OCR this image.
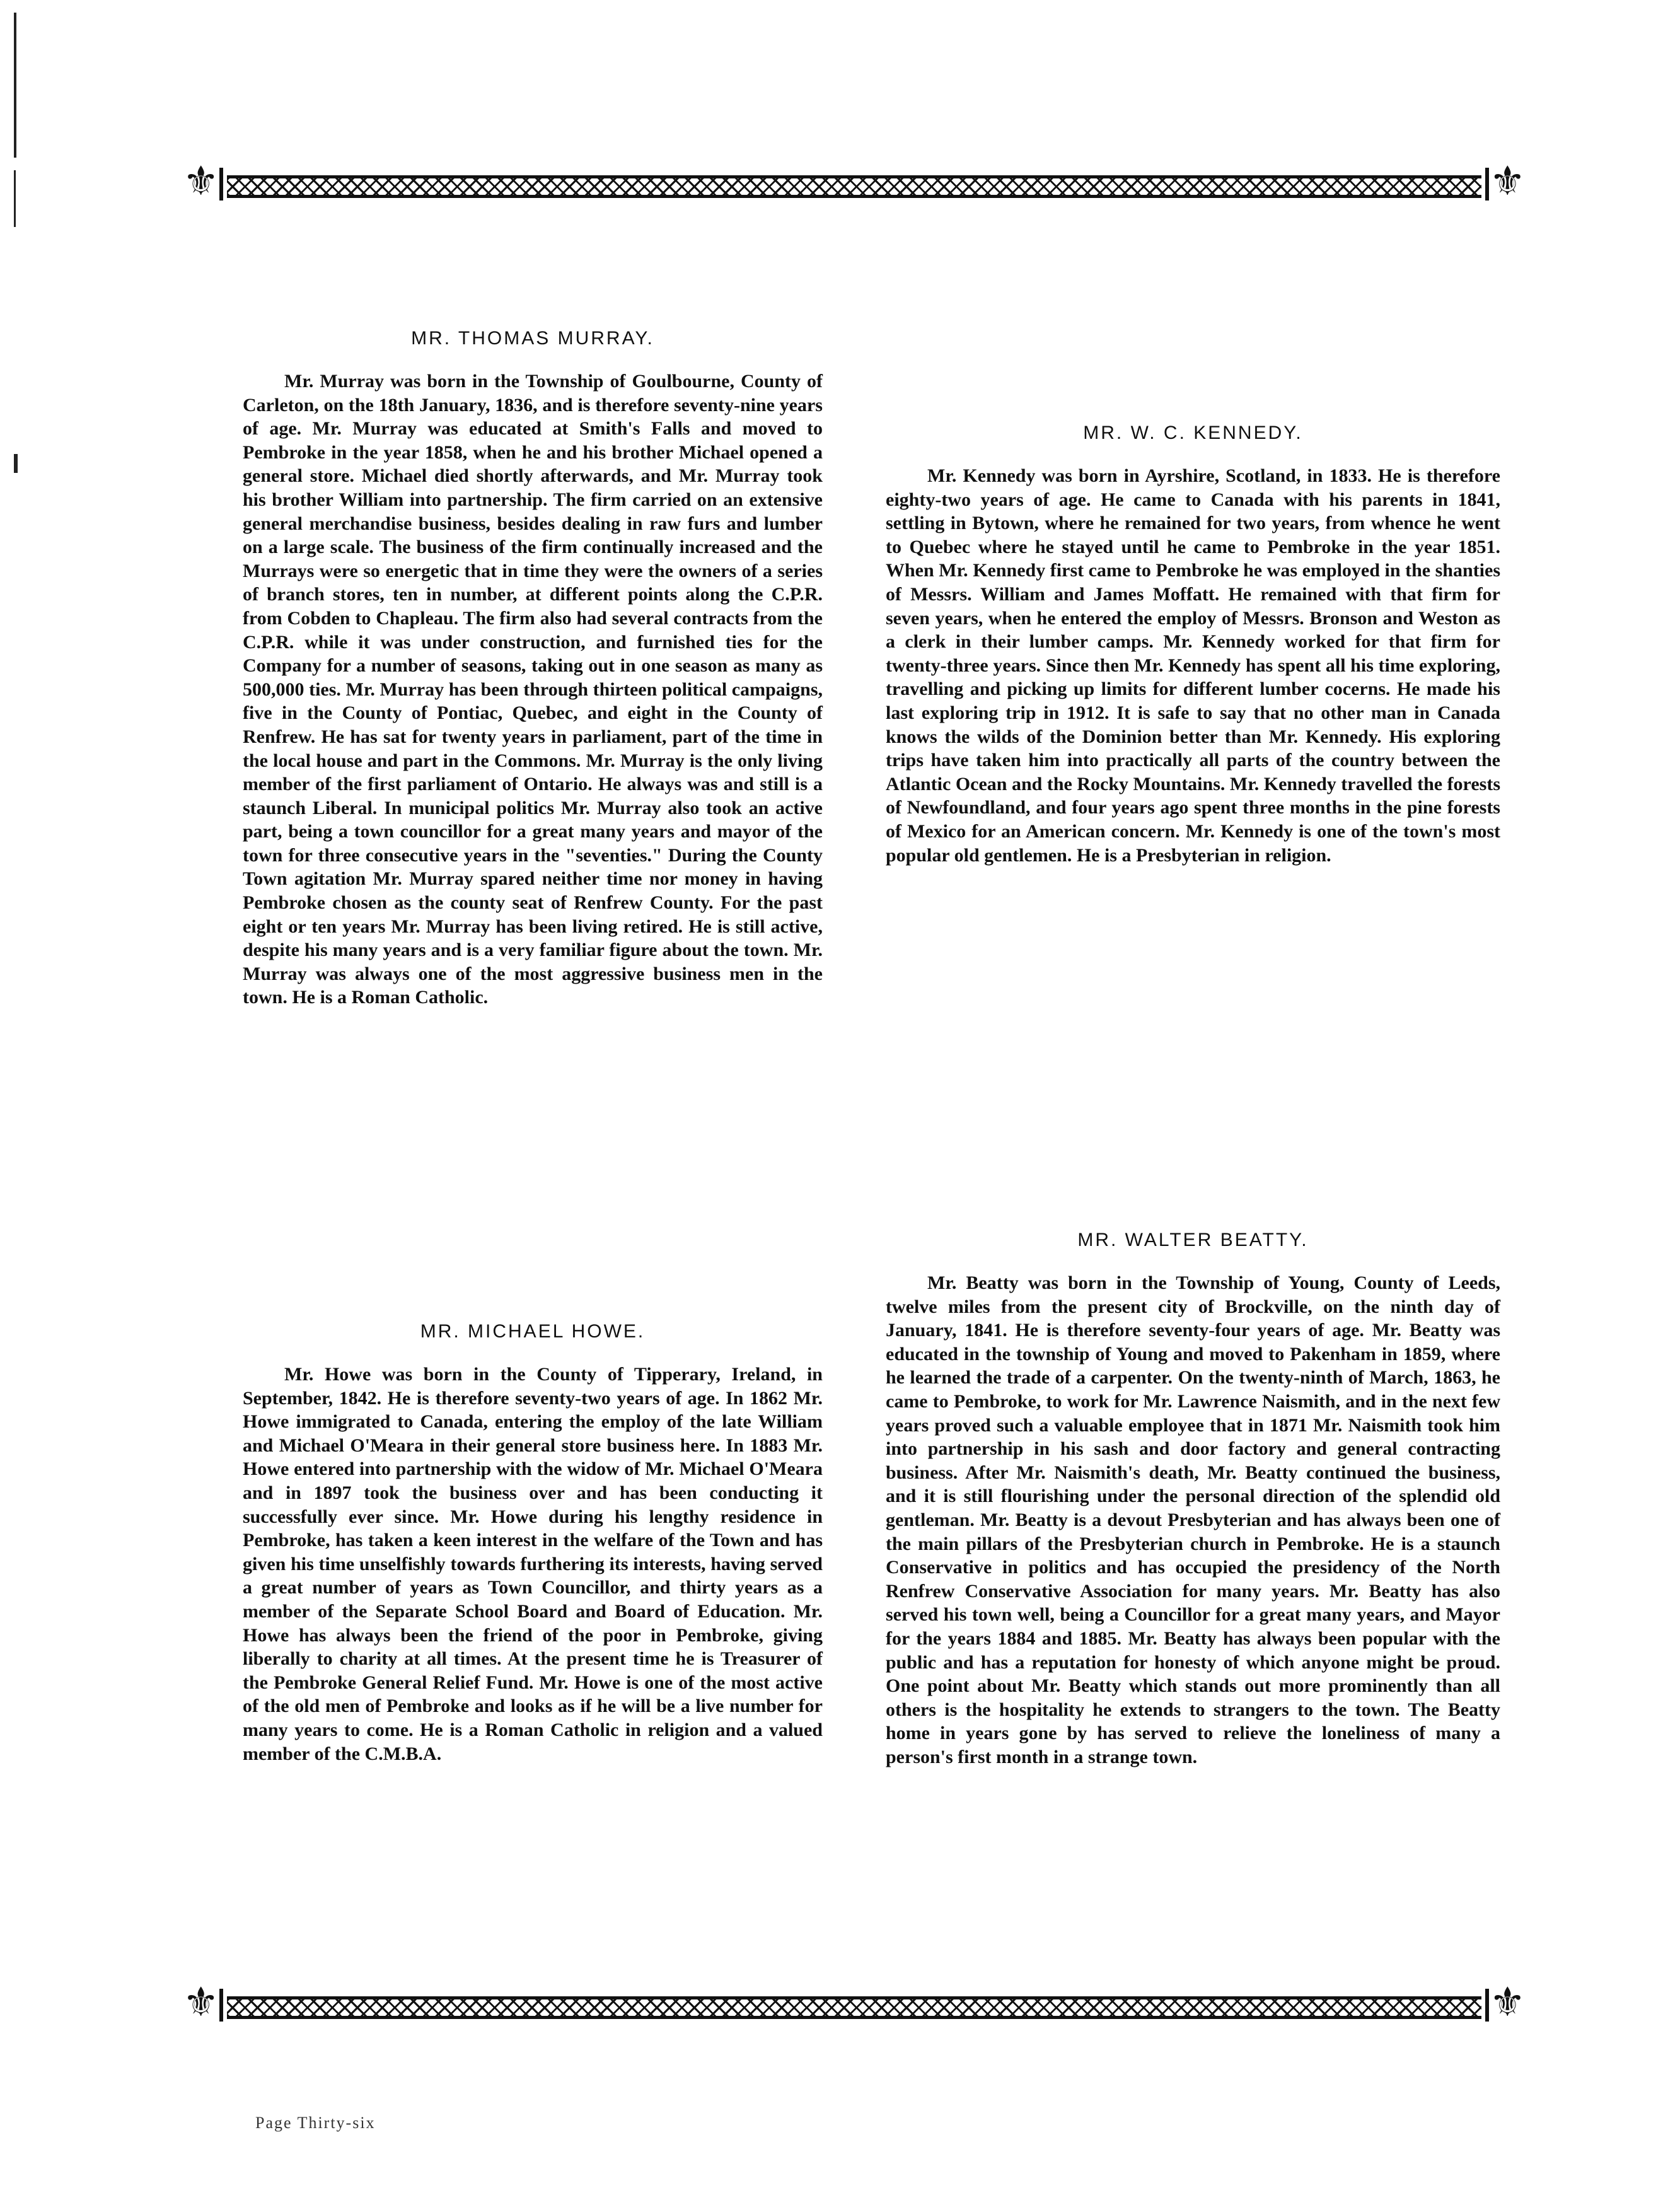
⚜	⚜
MR. THOMAS MURRAY.

Mr. Murray was born in the Township of Goulbourne, County of Carleton, on the 18th January, 1836, and is therefore seventy-nine years of age. Mr. Murray was educated at Smith's Falls and moved to Pembroke in the year 1858, when he and his brother Michael opened a general store. Michael died shortly afterwards, and Mr. Murray took his brother William into partnership. The firm carried on an extensive general merchandise business, besides dealing in raw furs and lumber on a large scale. The business of the firm continually increased and the Murrays were so energetic that in time they were the owners of a series of branch stores, ten in number, at different points along the C.P.R. from Cobden to Chapleau. The firm also had several contracts from the C.P.R. while it was under construction, and furnished ties for the Company for a number of seasons, taking out in one season as many as 500,000 ties. Mr. Murray has been through thirteen political campaigns, five in the County of Pontiac, Quebec, and eight in the County of Renfrew. He has sat for twenty years in parliament, part of the time in the local house and part in the Commons. Mr. Murray is the only living member of the first parliament of Ontario. He always was and still is a staunch Liberal. In municipal politics Mr. Murray also took an active part, being a town councillor for a great many years and mayor of the town for three consecutive years in the "seventies." During the County Town agitation Mr. Murray spared neither time nor money in having Pembroke chosen as the county seat of Renfrew County. For the past eight or ten years Mr. Murray has been living retired. He is still active, despite his many years and is a very familiar figure about the town. Mr. Murray was always one of the most aggressive business men in the town. He is a Roman Catholic.

MR. W. C. KENNEDY.

Mr. Kennedy was born in Ayrshire, Scotland, in 1833. He is therefore eighty-two years of age. He came to Canada with his parents in 1841, settling in Bytown, where he remained for two years, from whence he went to Quebec where he stayed until he came to Pembroke in the year 1851. When Mr. Kennedy first came to Pembroke he was employed in the shanties of Messrs. William and James Moffatt. He remained with that firm for seven years, when he entered the employ of Messrs. Bronson and Weston as a clerk in their lumber camps. Mr. Kennedy worked for that firm for twenty-three years. Since then Mr. Kennedy has spent all his time exploring, travelling and picking up limits for different lumber cocerns. He made his last exploring trip in 1912. It is safe to say that no other man in Canada knows the wilds of the Dominion better than Mr. Kennedy. His exploring trips have taken him into practically all parts of the country between the Atlantic Ocean and the Rocky Mountains. Mr. Kennedy travelled the forests of Newfoundland, and four years ago spent three months in the pine forests of Mexico for an American concern. Mr. Kennedy is one of the town's most popular old gentlemen. He is a Presbyterian in religion.

MR. MICHAEL HOWE.

Mr. Howe was born in the County of Tipperary, Ireland, in September, 1842. He is therefore seventy-two years of age. In 1862 Mr. Howe immigrated to Canada, entering the employ of the late William and Michael O'Meara in their general store business here. In 1883 Mr. Howe entered into partnership with the widow of Mr. Michael O'Meara and in 1897 took the business over and has been conducting it successfully ever since. Mr. Howe during his lengthy residence in Pembroke, has taken a keen interest in the welfare of the Town and has given his time unselfishly towards furthering its interests, having served a great number of years as Town Councillor, and thirty years as a member of the Separate School Board and Board of Education. Mr. Howe has always been the friend of the poor in Pembroke, giving liberally to charity at all times. At the present time he is Treasurer of the Pembroke General Relief Fund. Mr. Howe is one of the most active of the old men of Pembroke and looks as if he will be a live number for many years to come. He is a Roman Catholic in religion and a valued member of the C.M.B.A.

MR. WALTER BEATTY.

Mr. Beatty was born in the Township of Young, County of Leeds, twelve miles from the present city of Brockville, on the ninth day of January, 1841. He is therefore seventy-four years of age. Mr. Beatty was educated in the township of Young and moved to Pakenham in 1859, where he learned the trade of a carpenter. On the twenty-ninth of March, 1863, he came to Pembroke, to work for Mr. Lawrence Naismith, and in the next few years proved such a valuable employee that in 1871 Mr. Naismith took him into partnership in his sash and door factory and general contracting business. After Mr. Naismith's death, Mr. Beatty continued the business, and it is still flourishing under the personal direction of the splendid old gentleman. Mr. Beatty is a devout Presbyterian and has always been one of the main pillars of the Presbyterian church in Pembroke. He is a staunch Conservative in politics and has occupied the presidency of the North Renfrew Conservative Association for many years. Mr. Beatty has also served his town well, being a Councillor for a great many years, and Mayor for the years 1884 and 1885. Mr. Beatty has always been popular with the public and has a reputation for honesty of which anyone might be proud. One point about Mr. Beatty which stands out more prominently than all others is the hospitality he extends to strangers to the town. The Beatty home in years gone by has served to relieve the loneliness of many a person's first month in a strange town.

⚜	⚜
Page Thirty-six
